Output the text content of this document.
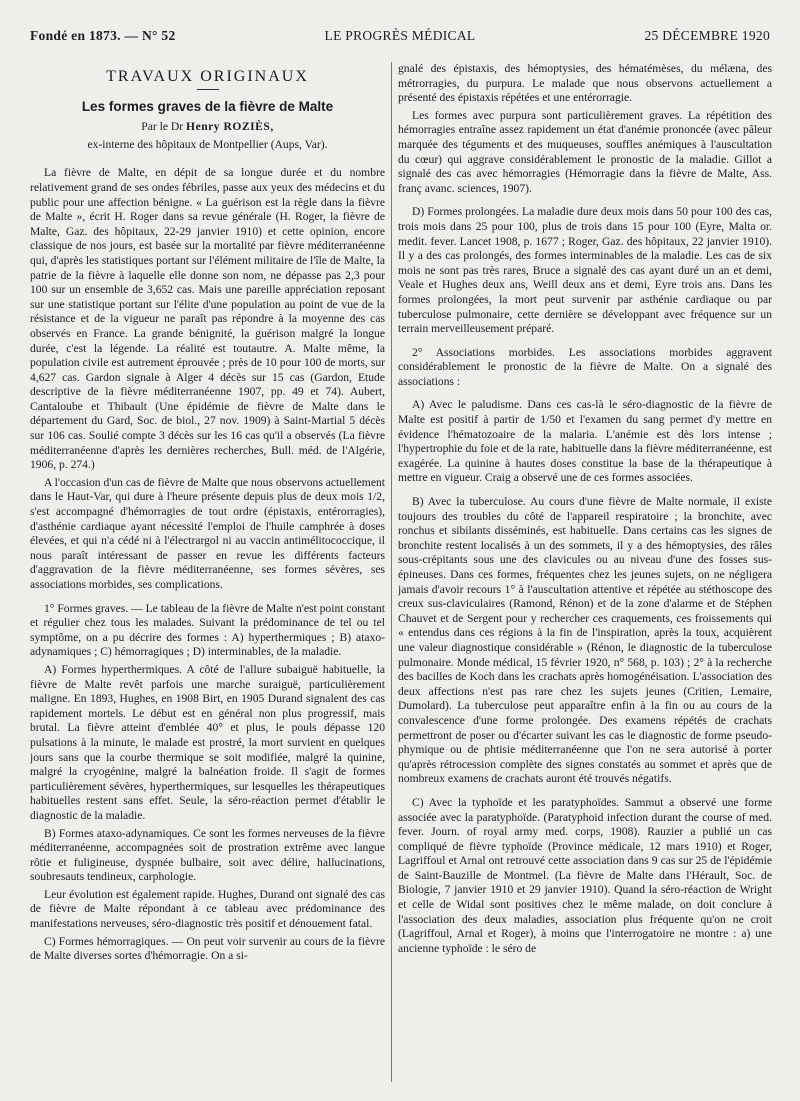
Fondé en 1873. — N° 52	LE PROGRÈS MÉDICAL	25 DÉCEMBRE 1920
TRAVAUX ORIGINAUX
Les formes graves de la fièvre de Malte
Par le Dr Henry ROZIÈS,
ex-interne des hôpitaux de Montpellier (Aups, Var).

La fièvre de Malte, en dépit de sa longue durée et du nombre relativement grand de ses ondes fébriles, passe aux yeux des médecins et du public pour une affection bénigne. « La guérison est la règle dans la fièvre de Malte », écrit H. Roger dans sa revue générale (H. Roger, la fièvre de Malte, Gaz. des hôpitaux, 22-29 janvier 1910) et cette opinion, encore classique de nos jours, est basée sur la mortalité par fièvre méditerranéenne qui, d'après les statistiques portant sur l'élément militaire de l'île de Malte, la patrie de la fièvre à laquelle elle donne son nom, ne dépasse pas 2,3 pour 100 sur un ensemble de 3,652 cas. Mais une pareille appréciation reposant sur une statistique portant sur l'élite d'une population au point de vue de la résistance et de la vigueur ne paraît pas répondre à la moyenne des cas observés en France. La grande bénignité, la guérison malgré la longue durée, c'est la légende. La réalité est toutautre. A. Malte même, la population civile est autrement éprouvée ; près de 10 pour 100 de morts, sur 4,627 cas. Gardon signale à Alger 4 décès sur 15 cas (Gardon, Etude descriptive de la fièvre méditerranéenne 1907, pp. 49 et 74). Aubert, Cantaloube et Thibault (Une épidémie de fièvre de Malte dans le département du Gard, Soc. de biol., 27 nov. 1909) à Saint-Martial 5 décès sur 106 cas. Soulié compte 3 décès sur les 16 cas qu'il a observés (La fièvre méditerranéenne d'après les dernières recherches, Bull. méd. de l'Algérie, 1906, p. 274.)

A l'occasion d'un cas de fièvre de Malte que nous observons actuellement dans le Haut-Var, qui dure à l'heure présente depuis plus de deux mois 1/2, s'est accompagné d'hémorragies de tout ordre (épistaxis, entérorragies), d'asthénie cardiaque ayant nécessité l'emploi de l'huile camphrée à doses élevées, et qui n'a cédé ni à l'électrargol ni au vaccin antimélitococcique, il nous paraît intéressant de passer en revue les différents facteurs d'aggravation de la fièvre méditerranéenne, ses formes sévères, ses associations morbides, ses complications.

1° Formes graves. — Le tableau de la fièvre de Malte n'est point constant et régulier chez tous les malades. Suivant la prédominance de tel ou tel symptôme, on a pu décrire des formes : A) hyperthermiques ; B) ataxo-adynamiques ; C) hémorragiques ; D) interminables, de la maladie.

A) Formes hyperthermiques. A côté de l'allure subaiguë habituelle, la fièvre de Malte revêt parfois une marche suraiguë, particulièrement maligne. En 1893, Hughes, en 1908 Birt, en 1905 Durand signalent des cas rapidement mortels. Le début est en général non plus progressif, mais brutal. La fièvre atteint d'emblée 40° et plus, le pouls dépasse 120 pulsations à la minute, le malade est prostré, la mort survient en quelques jours sans que la courbe thermique se soit modifiée, malgré la quinine, malgré la cryogénine, malgré la balnéation froide. Il s'agit de formes particulièrement sévères, hyperthermiques, sur lesquelles les thérapeutiques habituelles restent sans effet. Seule, la séro-réaction permet d'établir le diagnostic de la maladie.

B) Formes ataxo-adynamiques. Ce sont les formes nerveuses de la fièvre méditerranéenne, accompagnées soit de prostration extrême avec langue rôtie et fuligineuse, dyspnée bulbaire, soit avec délire, hallucinations, soubresauts tendineux, carphologie.

Leur évolution est également rapide. Hughes, Durand ont signalé des cas de fièvre de Malte répondant à ce tableau avec prédominance des manifestations nerveuses, séro-diagnostic très positif et dénouement fatal.

C) Formes hémorragiques. — On peut voir survenir au cours de la fièvre de Malte diverses sortes d'hémorragie. On a si-

gnalé des épistaxis, des hémoptysies, des hématémèses, du mélæna, des métrorragies, du purpura. Le malade que nous observons actuellement a présenté des épistaxis répétées et une entérorragie.

Les formes avec purpura sont particulièrement graves. La répétition des hémorragies entraîne assez rapidement un état d'anémie prononcée (avec pâleur marquée des téguments et des muqueuses, souffles anémiques à l'auscultation du cœur) qui aggrave considérablement le pronostic de la maladie. Gillot a signalé des cas avec hémorragies (Hémorragie dans la fièvre de Malte, Ass. franç avanc. sciences, 1907).

D) Formes prolongées. La maladie dure deux mois dans 50 pour 100 des cas, trois mois dans 25 pour 100, plus de trois dans 15 pour 100 (Eyre, Malta or. medit. fever. Lancet 1908, p. 1677 ; Roger, Gaz. des hôpitaux, 22 janvier 1910). Il y a des cas prolongés, des formes interminables de la maladie. Les cas de six mois ne sont pas très rares, Bruce a signalé des cas ayant duré un an et demi, Veale et Hughes deux ans, Weill deux ans et demi, Eyre trois ans. Dans les formes prolongées, la mort peut survenir par asthénie cardiaque ou par tuberculose pulmonaire, cette dernière se développant avec fréquence sur un terrain merveilleusement préparé.

2° Associations morbides. Les associations morbides aggravent considérablement le pronostic de la fièvre de Malte. On a signalé des associations :

A) Avec le paludisme. Dans ces cas-là le séro-diagnostic de la fièvre de Malte est positif à partir de 1/50 et l'examen du sang permet d'y mettre en évidence l'hématozoaire de la malaria. L'anémie est dès lors intense ; l'hypertrophie du foie et de la rate, habituelle dans la fièvre méditerranéenne, est exagérée. La quinine à hautes doses constitue la base de la thérapeutique à mettre en vigueur. Craig a observé une de ces formes associées.

B) Avec la tuberculose. Au cours d'une fièvre de Malte normale, il existe toujours des troubles du côté de l'appareil respiratoire ; la bronchite, avec ronchus et sibilants disséminés, est habituelle. Dans certains cas les signes de bronchite restent localisés à un des sommets, il y a des hémoptysies, des râles sous-crépitants sous une des clavicules ou au niveau d'une des fosses sus-épineuses. Dans ces formes, fréquentes chez les jeunes sujets, on ne négligera jamais d'avoir recours 1° à l'auscultation attentive et répétée au stéthoscope des creux sus-claviculaires (Ramond, Rénon) et de la zone d'alarme et de Stéphen Chauvet et de Sergent pour y rechercher ces craquements, ces froissements qui « entendus dans ces régions à la fin de l'inspiration, après la toux, acquièrent une valeur diagnostique considérable » (Rénon, le diagnostic de la tuberculose pulmonaire. Monde médical, 15 février 1920, n° 568, p. 103) ; 2° à la recherche des bacilles de Koch dans les crachats après homogénéisation. L'association des deux affections n'est pas rare chez les sujets jeunes (Critien, Lemaire, Dumolard). La tuberculose peut apparaître enfin à la fin ou au cours de la convalescence d'une forme prolongée. Des examens répétés de crachats permettront de poser ou d'écarter suivant les cas le diagnostic de forme pseudo-phymique ou de phtisie méditerranéenne que l'on ne sera autorisé à porter qu'après rétrocession complète des signes constatés au sommet et après que de nombreux examens de crachats auront été trouvés négatifs.

C) Avec la typhoïde et les paratyphoïdes. Sammut a observé une forme associée avec la paratyphoïde. (Paratyphoid infection durant the course of med. fever. Journ. of royal army med. corps, 1908). Rauzier a publié un cas compliqué de fièvre typhoïde (Province médicale, 12 mars 1910) et Roger, Lagriffoul et Arnal ont retrouvé cette association dans 9 cas sur 25 de l'épidémie de Saint-Bauzille de Montmel. (La fièvre de Malte dans l'Hérault, Soc. de Biologie, 7 janvier 1910 et 29 janvier 1910). Quand la séro-réaction de Wright et celle de Widal sont positives chez le même malade, on doit conclure à l'association des deux maladies, association plus fréquente qu'on ne croit (Lagriffoul, Arnal et Roger), à moins que l'interrogatoire ne montre : a) une ancienne typhoïde : le séro de
